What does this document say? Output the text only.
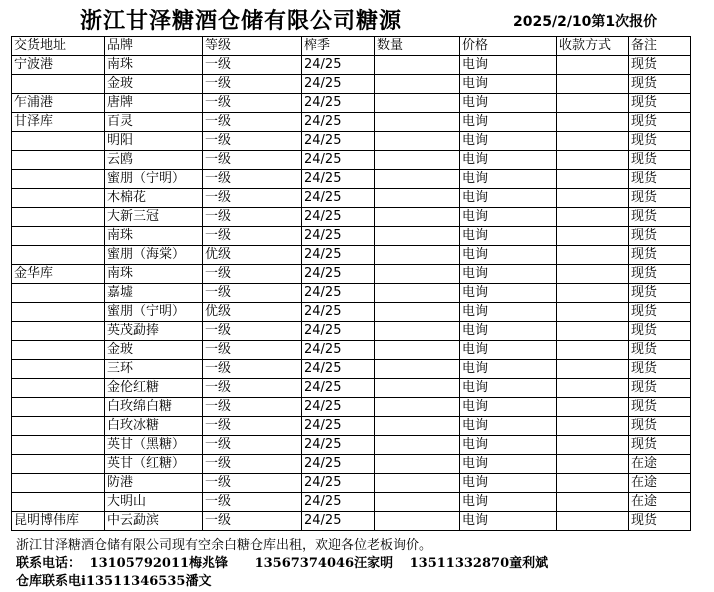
浙江甘泽糖酒仓储有限公司糖源	2025/2/10第1次报价
交货地址	品牌	等级	榨季	数量	价格	收款方式	备注
宁波港	南珠	一级	24/25		电询		现货
	金玻	一级	24/25		电询		现货
乍浦港	唐牌	一级	24/25		电询		现货
甘泽库	百灵	一级	24/25		电询		现货
	明阳	一级	24/25		电询		现货
	云鸥	一级	24/25		电询		现货
	蜜朋（宁明）	一级	24/25		电询		现货
	木棉花	一级	24/25		电询		现货
	大新三冠	一级	24/25		电询		现货
	南珠	一级	24/25		电询		现货
	蜜朋（海棠）	优级	24/25		电询		现货
金华库	南珠	一级	24/25		电询		现货
	嘉墟	一级	24/25		电询		现货
	蜜朋（宁明）	优级	24/25		电询		现货
	英茂勐捧	一级	24/25		电询		现货
	金玻	一级	24/25		电询		现货
	三环	一级	24/25		电询		现货
	金伦红糖	一级	24/25		电询		现货
	白玫绵白糖	一级	24/25		电询		现货
	白玫冰糖	一级	24/25		电询		现货
	英甘（黑糖）	一级	24/25		电询		现货
	英甘（红糖）	一级	24/25		电询		在途
	防港	一级	24/25		电询		在途
	大明山	一级	24/25		电询		在途
昆明博伟库	中云勐滨	一级	24/25		电询		现货
浙江甘泽糖酒仓储有限公司现有空余白糖仓库出租，欢迎各位老板询价。
联系电话： 13105792011梅兆锋 13567374046汪家明 13511332870童利斌
仓库联系电i13511346535潘文
